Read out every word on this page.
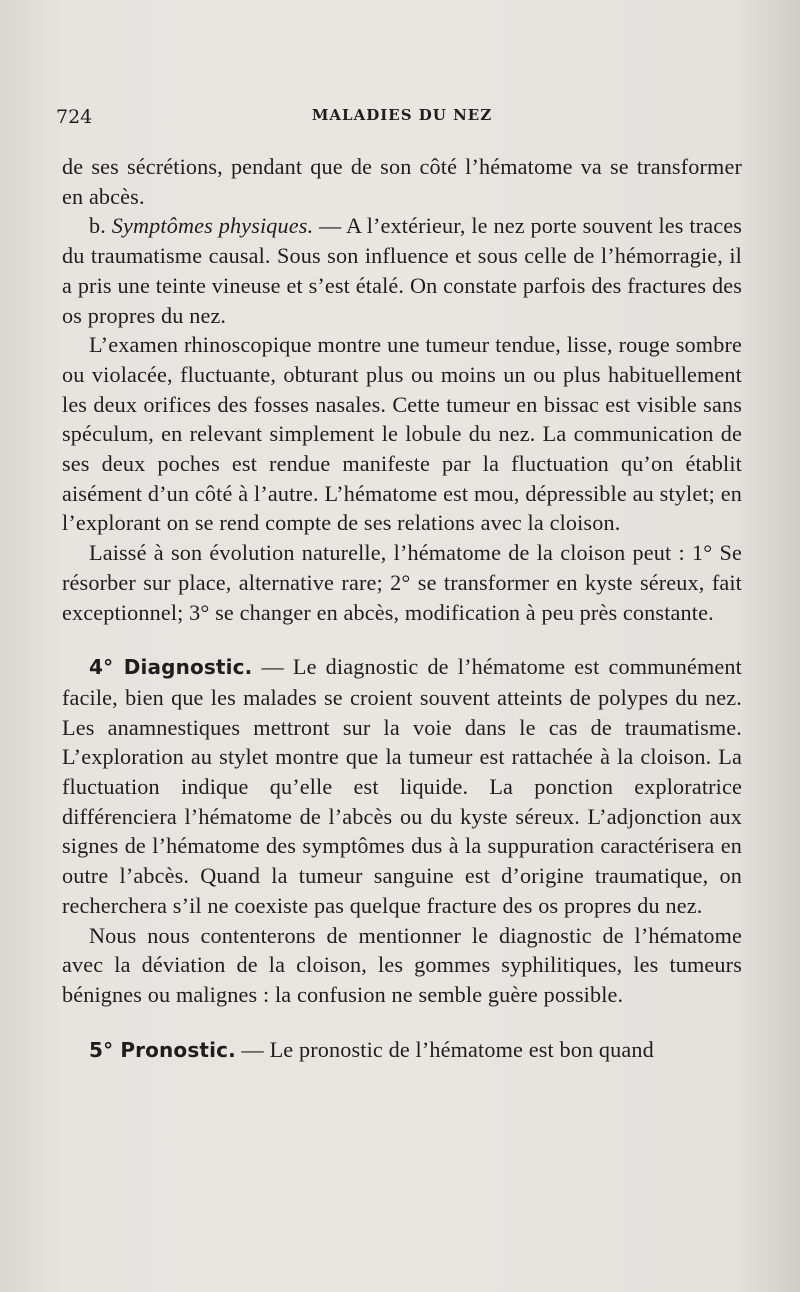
724	MALADIES DU NEZ

de ses sécrétions, pendant que de son côté l’hématome va se transformer en abcès.

b. Symptômes physiques. — A l’extérieur, le nez porte souvent les traces du traumatisme causal. Sous son influence et sous celle de l’hémorragie, il a pris une teinte vineuse et s’est étalé. On constate parfois des fractures des os propres du nez.

L’examen rhinoscopique montre une tumeur tendue, lisse, rouge sombre ou violacée, fluctuante, obturant plus ou moins un ou plus habituellement les deux orifices des fosses nasales. Cette tumeur en bissac est visible sans spéculum, en relevant simplement le lobule du nez. La communication de ses deux poches est rendue manifeste par la fluctuation qu’on établit aisément d’un côté à l’autre. L’hématome est mou, dépressible au stylet; en l’explorant on se rend compte de ses relations avec la cloison.

Laissé à son évolution naturelle, l’hématome de la cloison peut : 1° Se résorber sur place, alternative rare; 2° se transformer en kyste séreux, fait exceptionnel; 3° se changer en abcès, modification à peu près constante.

4° Diagnostic. — Le diagnostic de l’hématome est communément facile, bien que les malades se croient souvent atteints de polypes du nez. Les anamnestiques mettront sur la voie dans le cas de traumatisme. L’exploration au stylet montre que la tumeur est rattachée à la cloison. La fluctuation indique qu’elle est liquide. La ponction exploratrice différenciera l’hématome de l’abcès ou du kyste séreux. L’adjonction aux signes de l’hématome des symptômes dus à la suppuration caractérisera en outre l’abcès. Quand la tumeur sanguine est d’origine traumatique, on recherchera s’il ne coexiste pas quelque fracture des os propres du nez.

Nous nous contenterons de mentionner le diagnostic de l’hématome avec la déviation de la cloison, les gommes syphilitiques, les tumeurs bénignes ou malignes : la confusion ne semble guère possible.

5° Pronostic. — Le pronostic de l’hématome est bon quand
